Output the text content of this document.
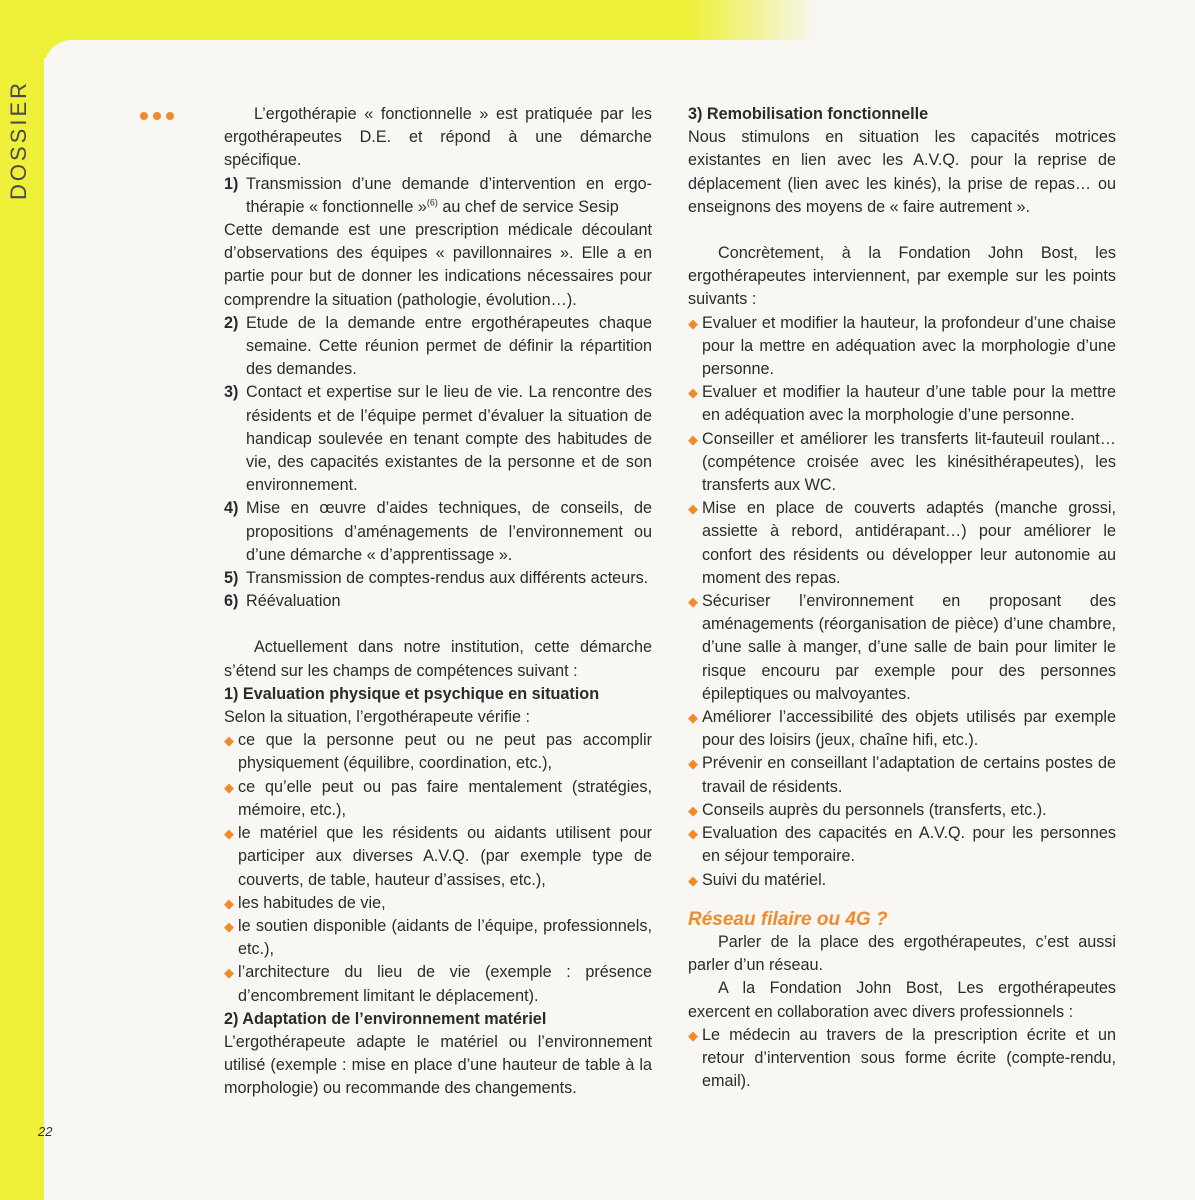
DOSSIER	L’ergothérapie « fonctionnelle » est pratiquée par les ergothérapeutes D.E. et répond à une démarche spécifique.

1) Transmission d’une demande d’intervention en ergo-thérapie « fonctionnelle »$^{(6)}$ au chef de service Sesip

Cette demande est une prescription médicale découlant d’observations des équipes « pavillonnaires ». Elle a en partie pour but de donner les indications nécessaires pour comprendre la situation (pathologie, évolution…).

2) Etude de la demande entre ergothérapeutes chaque semaine. Cette réunion permet de définir la répartition des demandes.
3) Contact et expertise sur le lieu de vie. La rencontre des résidents et de l’équipe permet d’évaluer la situation de handicap soulevée en tenant compte des habitudes de vie, des capacités existantes de la personne et de son environnement.
4) Mise en œuvre d’aides techniques, de conseils, de propositions d’aménagements de l’environnement ou d’une démarche « d’apprentissage ».
5) Transmission de comptes-rendus aux différents acteurs.
6) Réévaluation

Actuellement dans notre institution, cette démarche s’étend sur les champs de compétences suivant :

1) Evaluation physique et psychique en situation

Selon la situation, l’ergothérapeute vérifie :

◆ ce que la personne peut ou ne peut pas accomplir physiquement (équilibre, coordination, etc.),
◆ ce qu’elle peut ou pas faire mentalement (stratégies, mémoire, etc.),
◆ le matériel que les résidents ou aidants utilisent pour participer aux diverses A.V.Q. (par exemple type de couverts, de table, hauteur d’assises, etc.),
◆ les habitudes de vie,
◆ le soutien disponible (aidants de l’équipe, professionnels, etc.),
◆ l’architecture du lieu de vie (exemple : présence d’encombrement limitant le déplacement).

2) Adaptation de l’environnement matériel

L’ergothérapeute adapte le matériel ou l’environnement utilisé (exemple : mise en place d’une hauteur de table à la morphologie) ou recommande des changements.

3) Remobilisation fonctionnelle

Nous stimulons en situation les capacités motrices existantes en lien avec les A.V.Q. pour la reprise de déplacement (lien avec les kinés), la prise de repas… ou enseignons des moyens de « faire autrement ».

Concrètement, à la Fondation John Bost, les ergothérapeutes interviennent, par exemple sur les points suivants :

◆ Evaluer et modifier la hauteur, la profondeur d’une chaise pour la mettre en adéquation avec la morphologie d’une personne.
◆ Evaluer et modifier la hauteur d’une table pour la mettre en adéquation avec la morphologie d’une personne.
◆ Conseiller et améliorer les transferts lit-fauteuil roulant… (compétence croisée avec les kinésithérapeutes), les transferts aux WC.
◆ Mise en place de couverts adaptés (manche grossi, assiette à rebord, antidérapant…) pour améliorer le confort des résidents ou développer leur autonomie au moment des repas.
◆ Sécuriser l’environnement en proposant des aménagements (réorganisation de pièce) d’une chambre, d’une salle à manger, d’une salle de bain pour limiter le risque encouru par exemple pour des personnes épileptiques ou malvoyantes.
◆ Améliorer l’accessibilité des objets utilisés par exemple pour des loisirs (jeux, chaîne hifi, etc.).
◆ Prévenir en conseillant l’adaptation de certains postes de travail de résidents.
◆ Conseils auprès du personnels (transferts, etc.).
◆ Evaluation des capacités en A.V.Q. pour les personnes en séjour temporaire.
◆ Suivi du matériel.

Réseau filaire ou 4G ?

Parler de la place des ergothérapeutes, c’est aussi parler d’un réseau.

A la Fondation John Bost, Les ergothérapeutes exercent en collaboration avec divers professionnels :

◆ Le médecin au travers de la prescription écrite et un retour d’intervention sous forme écrite (compte-rendu, email).
22
